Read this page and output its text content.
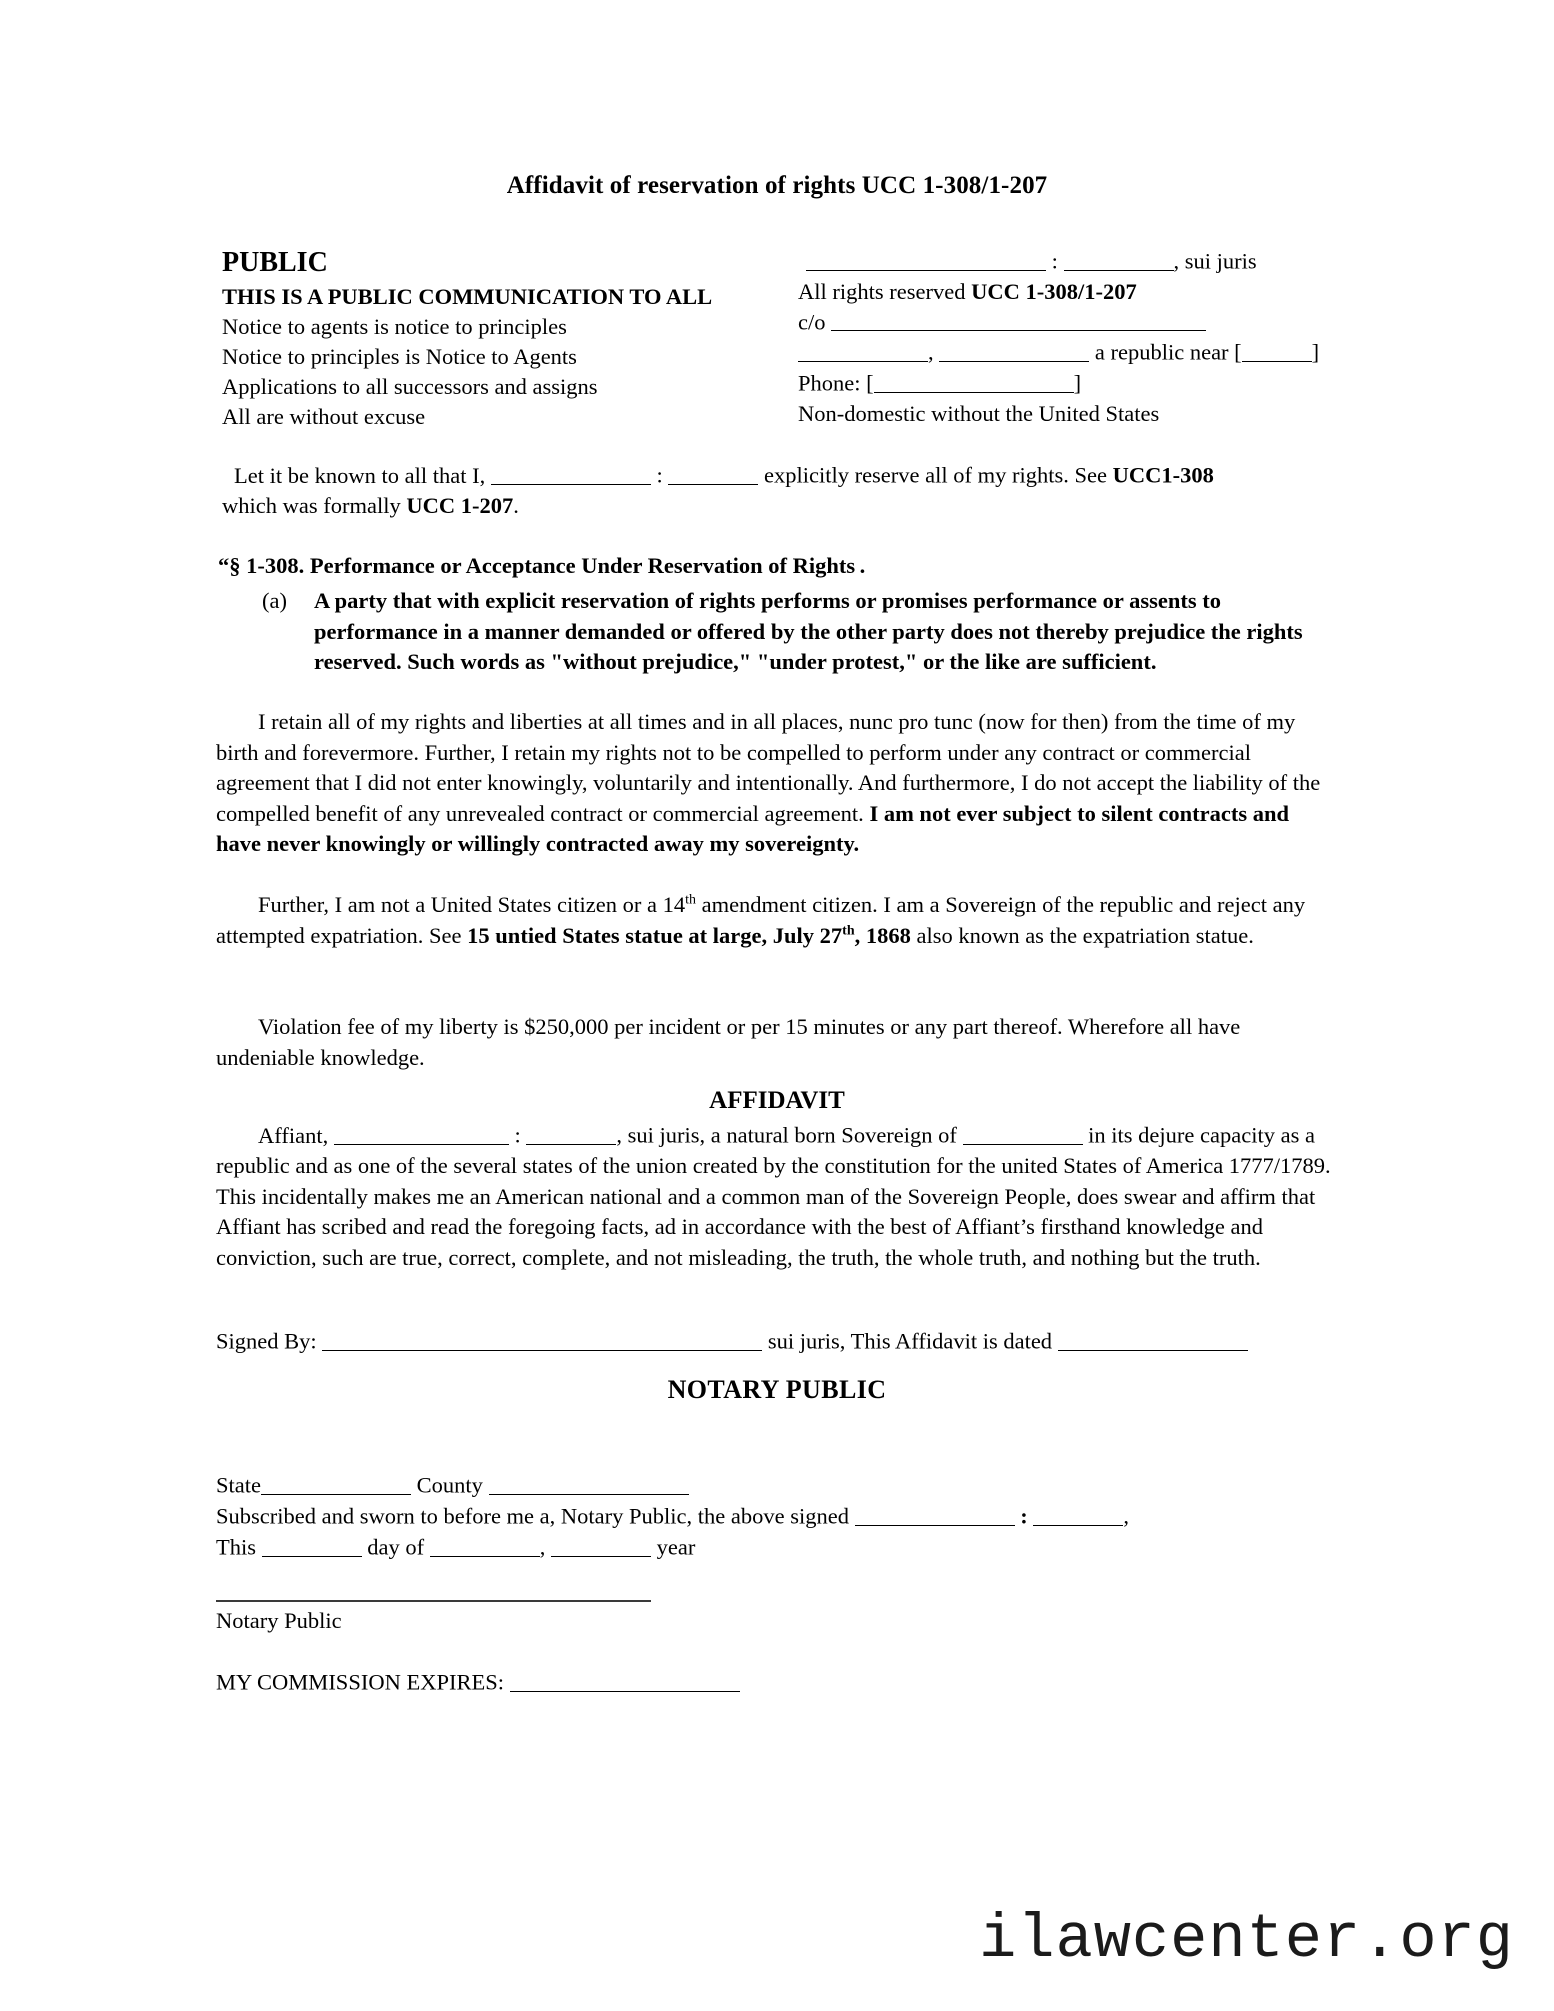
Affidavit of reservation of rights UCC 1-308/1-207
PUBLIC
THIS IS A PUBLIC COMMUNICATION TO ALL
Notice to agents is notice to principles
Notice to principles is Notice to Agents
Applications to all successors and assigns
All are without excuse
:	, sui juris
All rights reserved UCC 1-308/1-207
c/o
,	a republic near [	]
Phone: [	]
Non-domestic without the United States
Let it be known to all that I,	:	explicitly reserve all of my rights. See UCC1-308
which was formally UCC 1-207.
“§ 1-308. Performance or Acceptance Under Reservation of Rights .
(a) A party that with explicit reservation of rights performs or promises performance or assents to performance in a manner demanded or offered by the other party does not thereby prejudice the rights reserved. Such words as "without prejudice," "under protest," or the like are sufficient.
I retain all of my rights and liberties at all times and in all places, nunc pro tunc (now for then) from the time of my birth and forevermore. Further, I retain my rights not to be compelled to perform under any contract or commercial agreement that I did not enter knowingly, voluntarily and intentionally. And furthermore, I do not accept the liability of the compelled benefit of any unrevealed contract or commercial agreement. I am not ever subject to silent contracts and have never knowingly or willingly contracted away my sovereignty.
Further, I am not a United States citizen or a 14th amendment citizen. I am a Sovereign of the republic and reject any attempted expatriation. See 15 untied States statue at large, July 27th, 1868 also known as the expatriation statue.
Violation fee of my liberty is $250,000 per incident or per 15 minutes or any part thereof. Wherefore all have undeniable knowledge.
AFFIDAVIT
Affiant,	:	, sui juris, a natural born Sovereign of	in its dejure capacity as a republic and as one of the several states of the union created by the constitution for the united States of America 1777/1789. This incidentally makes me an American national and a common man of the Sovereign People, does swear and affirm that Affiant has scribed and read the foregoing facts, ad in accordance with the best of Affiant’s firsthand knowledge and conviction, such are true, correct, complete, and not misleading, the truth, the whole truth, and nothing but the truth.
Signed By:	sui juris, This Affidavit is dated
NOTARY PUBLIC
State	County
Subscribed and sworn to before me a, Notary Public, the above signed	:	,
This	day of	,	year
Notary Public
MY COMMISSION EXPIRES:
ilawcenter.org
